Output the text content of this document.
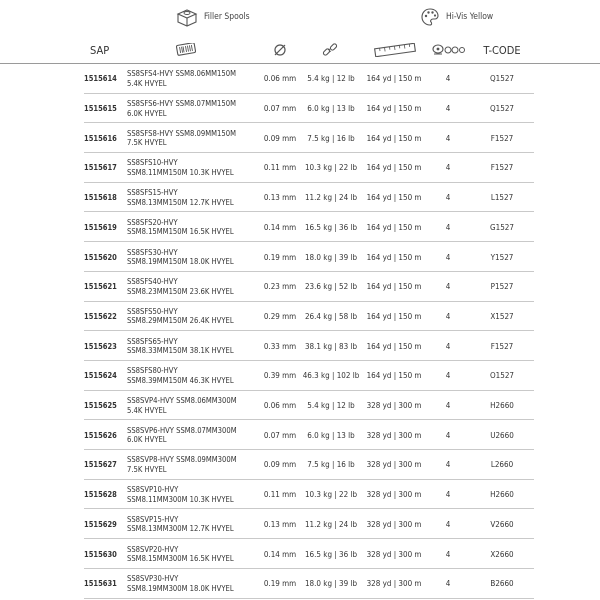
Filler Spools	Hi-Vis Yellow
SAP	T-CODE
1515614
SS8SFS4-HVY SSM8.06MM150M
5.4K HVYEL	0.06 mm	5.4 kg | 12 lb	164 yd | 150 m	4	Q1527
1515615
SS8SFS6-HVY SSM8.07MM150M
6.0K HVYEL	0.07 mm	6.0 kg | 13 lb	164 yd | 150 m	4	Q1527
1515616
SS8SFS8-HVY SSM8.09MM150M
7.5K HVYEL	0.09 mm	7.5 kg | 16 lb	164 yd | 150 m	4	F1527
1515617
SS8SFS10-HVY
SSM8.11MM150M 10.3K HVYEL	0.11 mm	10.3 kg | 22 lb	164 yd | 150 m	4	F1527
1515618
SS8SFS15-HVY
SSM8.13MM150M 12.7K HVYEL	0.13 mm	11.2 kg | 24 lb	164 yd | 150 m	4	L1527
1515619
SS8SFS20-HVY
SSM8.15MM150M 16.5K HVYEL	0.14 mm	16.5 kg | 36 lb	164 yd | 150 m	4	G1527
1515620
SS8SFS30-HVY
SSM8.19MM150M 18.0K HVYEL	0.19 mm	18.0 kg | 39 lb	164 yd | 150 m	4	Y1527
1515621
SS8SFS40-HVY
SSM8.23MM150M 23.6K HVYEL	0.23 mm	23.6 kg | 52 lb	164 yd | 150 m	4	P1527
1515622
SS8SFS50-HVY
SSM8.29MM150M 26.4K HVYEL	0.29 mm	26.4 kg | 58 lb	164 yd | 150 m	4	X1527
1515623
SS8SFS65-HVY
SSM8.33MM150M 38.1K HVYEL	0.33 mm	38.1 kg | 83 lb	164 yd | 150 m	4	F1527
1515624
SS8SFS80-HVY
SSM8.39MM150M 46.3K HVYEL	0.39 mm 46.3 kg | 102 lb 164 yd | 150 m	4	O1527
1515625
SS8SVP4-HVY SSM8.06MM300M
5.4K HVYEL	0.06 mm	5.4 kg | 12 lb	328 yd | 300 m	4	H2660
1515626
SS8SVP6-HVY SSM8.07MM300M
6.0K HVYEL	0.07 mm	6.0 kg | 13 lb	328 yd | 300 m	4	U2660
1515627
SS8SVP8-HVY SSM8.09MM300M
7.5K HVYEL	0.09 mm	7.5 kg | 16 lb	328 yd | 300 m	4	L2660
1515628
SS8SVP10-HVY
SSM8.11MM300M 10.3K HVYEL	0.11 mm	10.3 kg | 22 lb	328 yd | 300 m	4	H2660
1515629
SS8SVP15-HVY
SSM8.13MM300M 12.7K HVYEL	0.13 mm	11.2 kg | 24 lb	328 yd | 300 m	4	V2660
1515630
SS8SVP20-HVY
SSM8.15MM300M 16.5K HVYEL	0.14 mm	16.5 kg | 36 lb	328 yd | 300 m	4	X2660
1515631
SS8SVP30-HVY
SSM8.19MM300M 18.0K HVYEL	0.19 mm	18.0 kg | 39 lb	328 yd | 300 m	4	B2660
